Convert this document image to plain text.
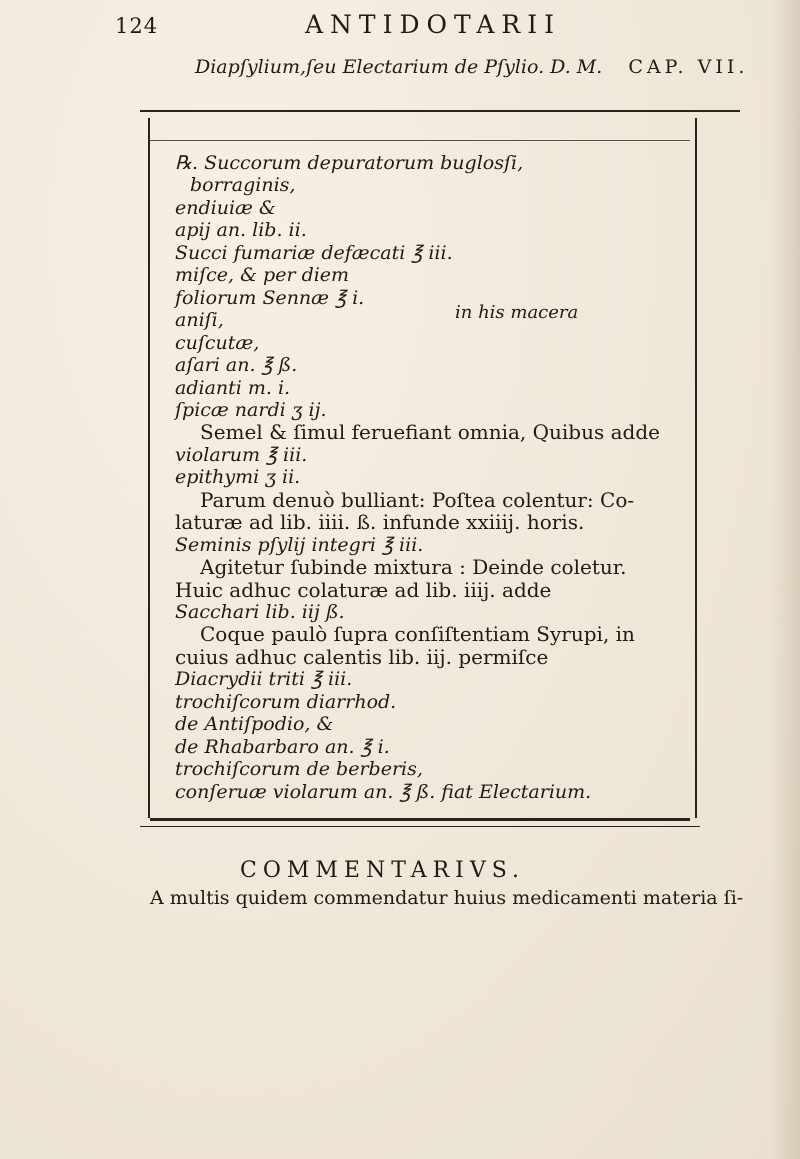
124	ANTIDOTARII
Diapſylium,ſeu Electarium de Pſylio. D. M. CAP. VII.
℞. Succorum depuratorum buglosſi,
borraginis,
endiuiæ &
apij an. lib. ii.
Succi fumariæ defæcati ℥ iii.
miſce, & per diem
foliorum Sennæ ℥ i.
aniſi,
cuſcutæ,
aſari an. ℥ ß.
adianti m. i.
ſpicæ nardi ʒ ij.
Semel & ſimul feruefiant omnia, Quibus adde
violarum ℥ iii.
epithymi ʒ ii.
Parum denuò bulliant: Poſtea colentur: Co-
laturæ ad lib. iiii. ß. infunde xxiiij. horis.
Seminis pſylij integri ℥ iii.
Agitetur ſubinde mixtura : Deinde coletur.
Huic adhuc colaturæ ad lib. iiij. adde
Sacchari lib. iij ß.
Coque paulò ſupra conſiſtentiam Syrupi, in
cuius adhuc calentis lib. iij. permiſce
Diacrydii triti ℥ iii.
trochiſcorum diarrhod.
de Antiſpodio, &
de Rhabarbaro an. ℥ i.
trochiſcorum de berberis,
conſeruæ violarum an. ℥ ß. fiat Electarium.
in his macera
COMMENTARIVS.
A multis quidem commendatur huius medicamenti materia ſi-
